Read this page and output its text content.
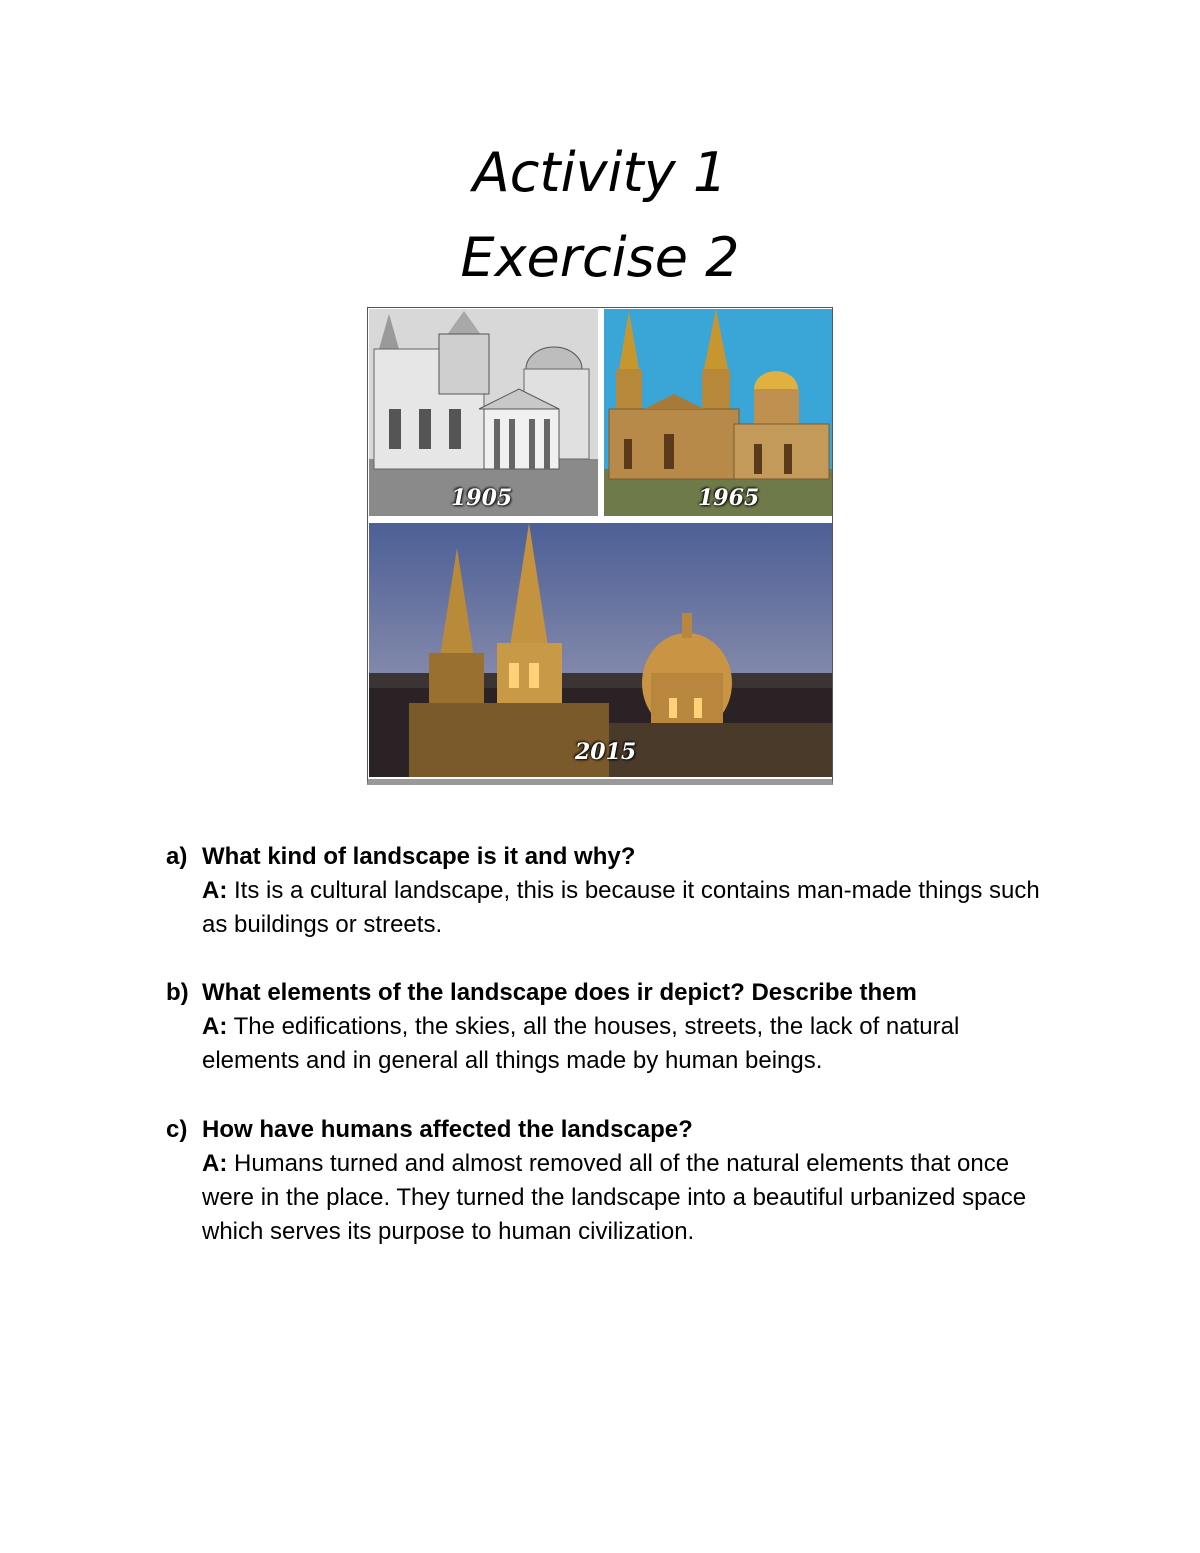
Activity 1
Exercise 2
1905	1965
2015
a) What kind of landscape is it and why?
A: Its is a cultural landscape, this is because it contains man-made things such as buildings or streets.
b) What elements of the landscape does ir depict? Describe them
A: The edifications, the skies, all the houses, streets, the lack of natural elements and in general all things made by human beings.
c) How have humans affected the landscape?
A: Humans turned and almost removed all of the natural elements that once were in the place. They turned the landscape into a beautiful urbanized space which serves its purpose to human civilization.
